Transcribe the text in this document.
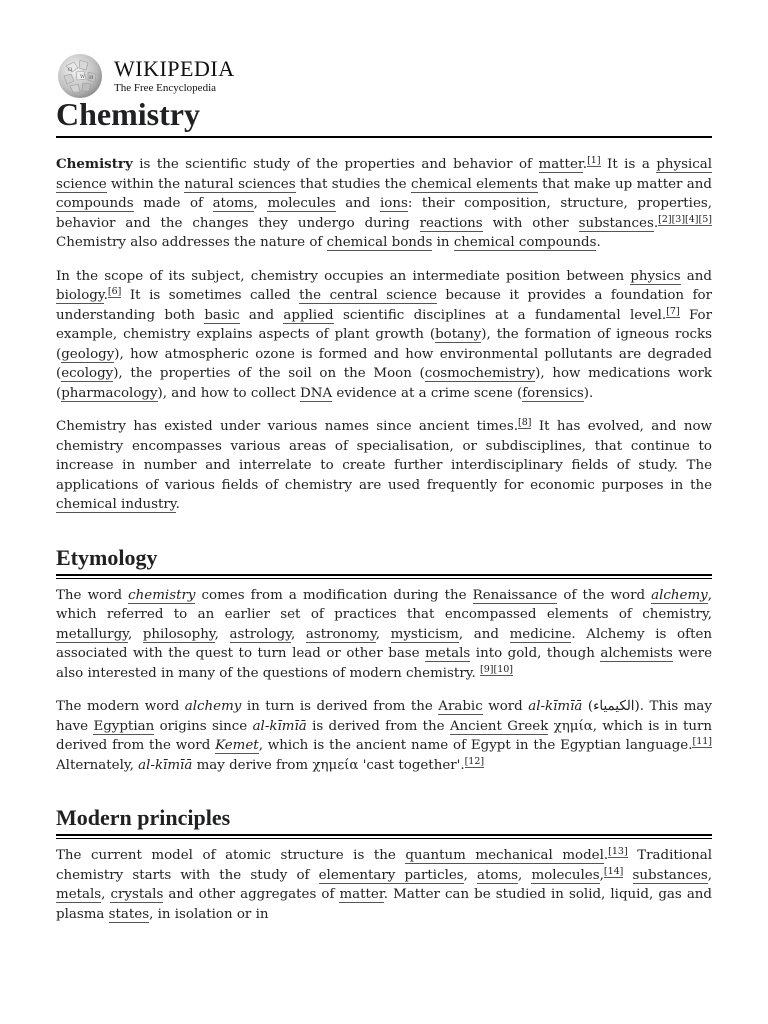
Ω
W И WIKIPEDIA
The Free Encyclopedia
Chemistry

Chemistry is the scientific study of the properties and behavior of matter.[1] It is a physical science within the natural sciences that studies the chemical elements that make up matter and compounds made of atoms, molecules and ions: their composition, structure, properties, behavior and the changes they undergo during reactions with other substances.[2][3][4][5] Chemistry also addresses the nature of chemical bonds in chemical compounds.

In the scope of its subject, chemistry occupies an intermediate position between physics and biology.[6] It is sometimes called the central science because it provides a foundation for understanding both basic and applied scientific disciplines at a fundamental level.[7] For example, chemistry explains aspects of plant growth (botany), the formation of igneous rocks (geology), how atmospheric ozone is formed and how environmental pollutants are degraded (ecology), the properties of the soil on the Moon (cosmochemistry), how medications work (pharmacology), and how to collect DNA evidence at a crime scene (forensics).

Chemistry has existed under various names since ancient times.[8] It has evolved, and now chemistry encompasses various areas of specialisation, or subdisciplines, that continue to increase in number and interrelate to create further interdisciplinary fields of study. The applications of various fields of chemistry are used frequently for economic purposes in the chemical industry.

Etymology

The word chemistry comes from a modification during the Renaissance of the word alchemy, which referred to an earlier set of practices that encompassed elements of chemistry, metallurgy, philosophy, astrology, astronomy, mysticism, and medicine. Alchemy is often associated with the quest to turn lead or other base metals into gold, though alchemists were also interested in many of the questions of modern chemistry. [9][10]

The modern word alchemy in turn is derived from the Arabic word al-kīmīā (الكيمياء). This may have Egyptian origins since al-kīmīā is derived from the Ancient Greek χημία, which is in turn derived from the word Kemet, which is the ancient name of Egypt in the Egyptian language.[11] Alternately, al-kīmīā may derive from χημεία 'cast together'.[12]

Modern principles

The current model of atomic structure is the quantum mechanical model.[13] Traditional chemistry starts with the study of elementary particles, atoms, molecules,[14] substances, metals, crystals and other aggregates of matter. Matter can be studied in solid, liquid, gas and plasma states, in isolation or in
